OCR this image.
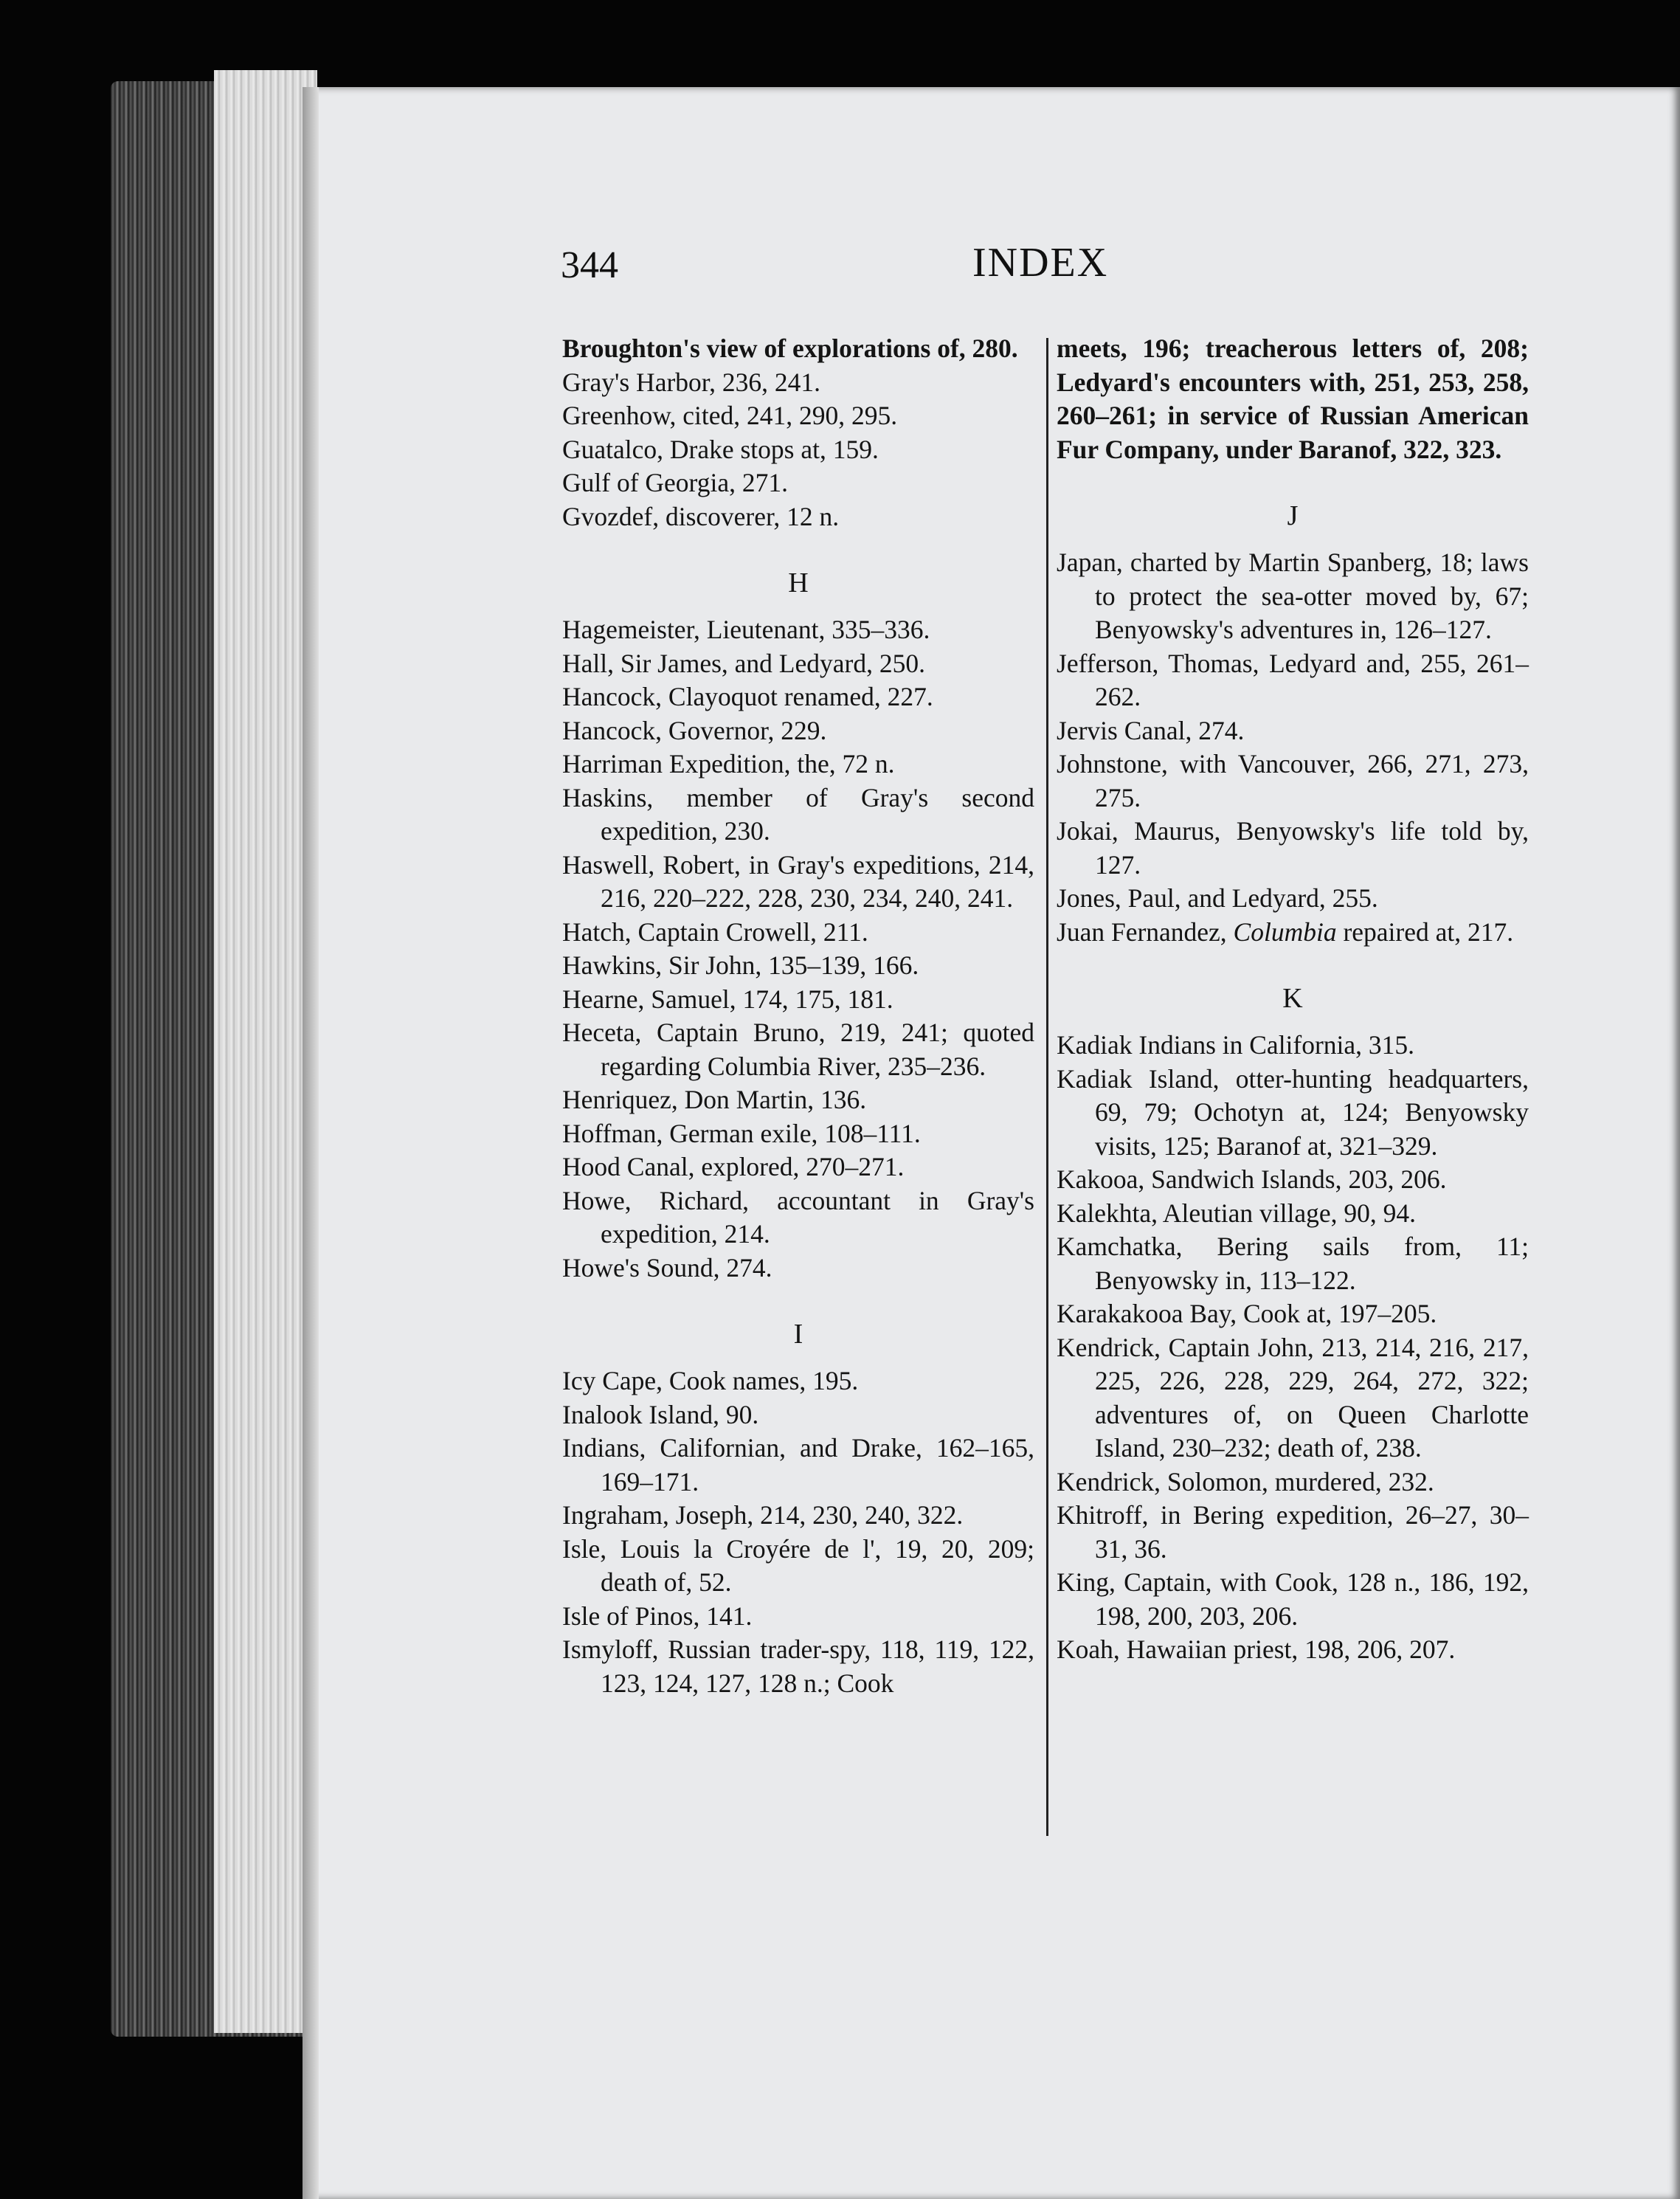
344	INDEX

Broughton's view of explorations of, 280.

Gray's Harbor, 236, 241.

Greenhow, cited, 241, 290, 295.

Guatalco, Drake stops at, 159.

Gulf of Georgia, 271.

Gvozdef, discoverer, 12 n.

H

Hagemeister, Lieutenant, 335–336.

Hall, Sir James, and Ledyard, 250.

Hancock, Clayoquot renamed, 227.

Hancock, Governor, 229.

Harriman Expedition, the, 72 n.

Haskins, member of Gray's second expedition, 230.

Haswell, Robert, in Gray's expeditions, 214, 216, 220–222, 228, 230, 234, 240, 241.

Hatch, Captain Crowell, 211.

Hawkins, Sir John, 135–139, 166.

Hearne, Samuel, 174, 175, 181.

Heceta, Captain Bruno, 219, 241; quoted regarding Columbia River, 235–236.

Henriquez, Don Martin, 136.

Hoffman, German exile, 108–111.

Hood Canal, explored, 270–271.

Howe, Richard, accountant in Gray's expedition, 214.

Howe's Sound, 274.

I

Icy Cape, Cook names, 195.

Inalook Island, 90.

Indians, Californian, and Drake, 162–165, 169–171.

Ingraham, Joseph, 214, 230, 240, 322.

Isle, Louis la Croyére de l', 19, 20, 209; death of, 52.

Isle of Pinos, 141.

Ismyloff, Russian trader-spy, 118, 119, 122, 123, 124, 127, 128 n.; Cook

meets, 196; treacherous letters of, 208; Ledyard's encounters with, 251, 253, 258, 260–261; in service of Russian American Fur Company, under Baranof, 322, 323.

J

Japan, charted by Martin Spanberg, 18; laws to protect the sea-otter moved by, 67; Benyowsky's adventures in, 126–127.

Jefferson, Thomas, Ledyard and, 255, 261–262.

Jervis Canal, 274.

Johnstone, with Vancouver, 266, 271, 273, 275.

Jokai, Maurus, Benyowsky's life told by, 127.

Jones, Paul, and Ledyard, 255.

Juan Fernandez, Columbia repaired at, 217.

K

Kadiak Indians in California, 315.

Kadiak Island, otter-hunting headquarters, 69, 79; Ochotyn at, 124; Benyowsky visits, 125; Baranof at, 321–329.

Kakooa, Sandwich Islands, 203, 206.

Kalekhta, Aleutian village, 90, 94.

Kamchatka, Bering sails from, 11; Benyowsky in, 113–122.

Karakakooa Bay, Cook at, 197–205.

Kendrick, Captain John, 213, 214, 216, 217, 225, 226, 228, 229, 264, 272, 322; adventures of, on Queen Charlotte Island, 230–232; death of, 238.

Kendrick, Solomon, murdered, 232.

Khitroff, in Bering expedition, 26–27, 30–31, 36.

King, Captain, with Cook, 128 n., 186, 192, 198, 200, 203, 206.

Koah, Hawaiian priest, 198, 206, 207.
